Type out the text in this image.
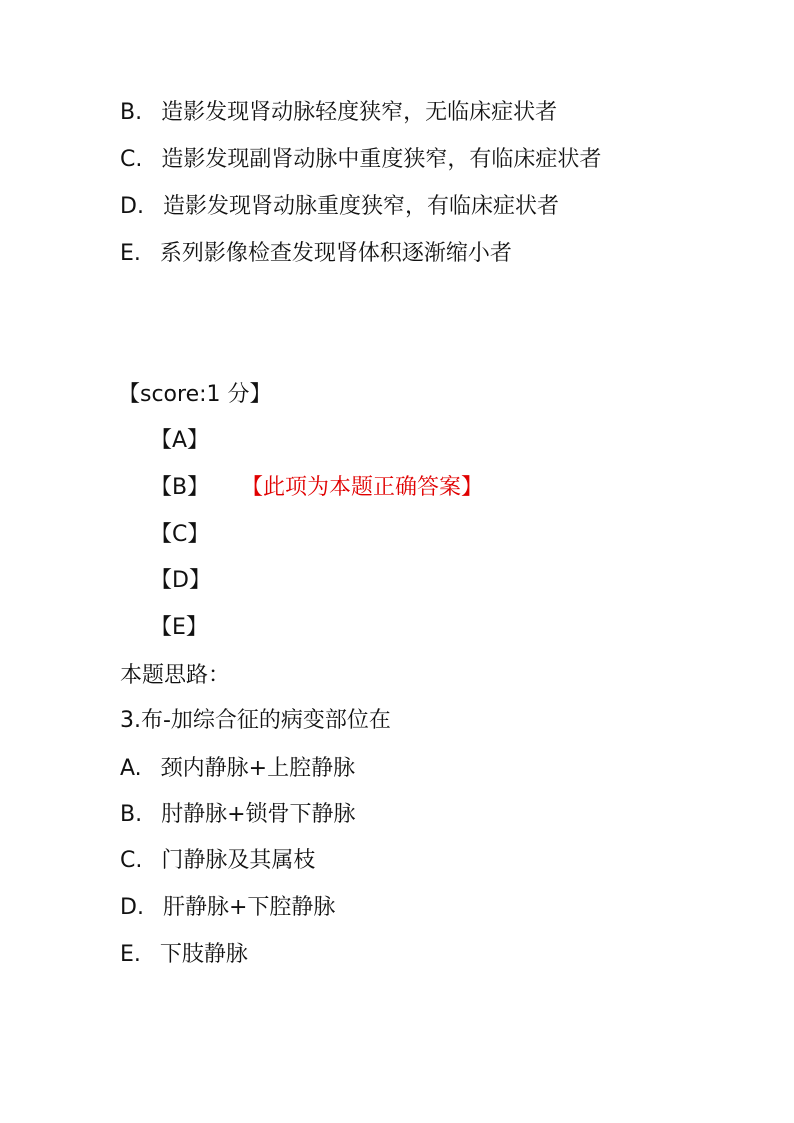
B. 造影发现肾动脉轻度狭窄，无临床症状者
C. 造影发现副肾动脉中重度狭窄，有临床症状者
D. 造影发现肾动脉重度狭窄，有临床症状者
E. 系列影像检查发现肾体积逐渐缩小者
【score:1 分】
【A】
【B】 【此项为本题正确答案】
【C】
【D】
【E】
本题思路：
3.布-加综合征的病变部位在
A. 颈内静脉+上腔静脉
B. 肘静脉+锁骨下静脉
C. 门静脉及其属枝
D. 肝静脉+下腔静脉
E. 下肢静脉
